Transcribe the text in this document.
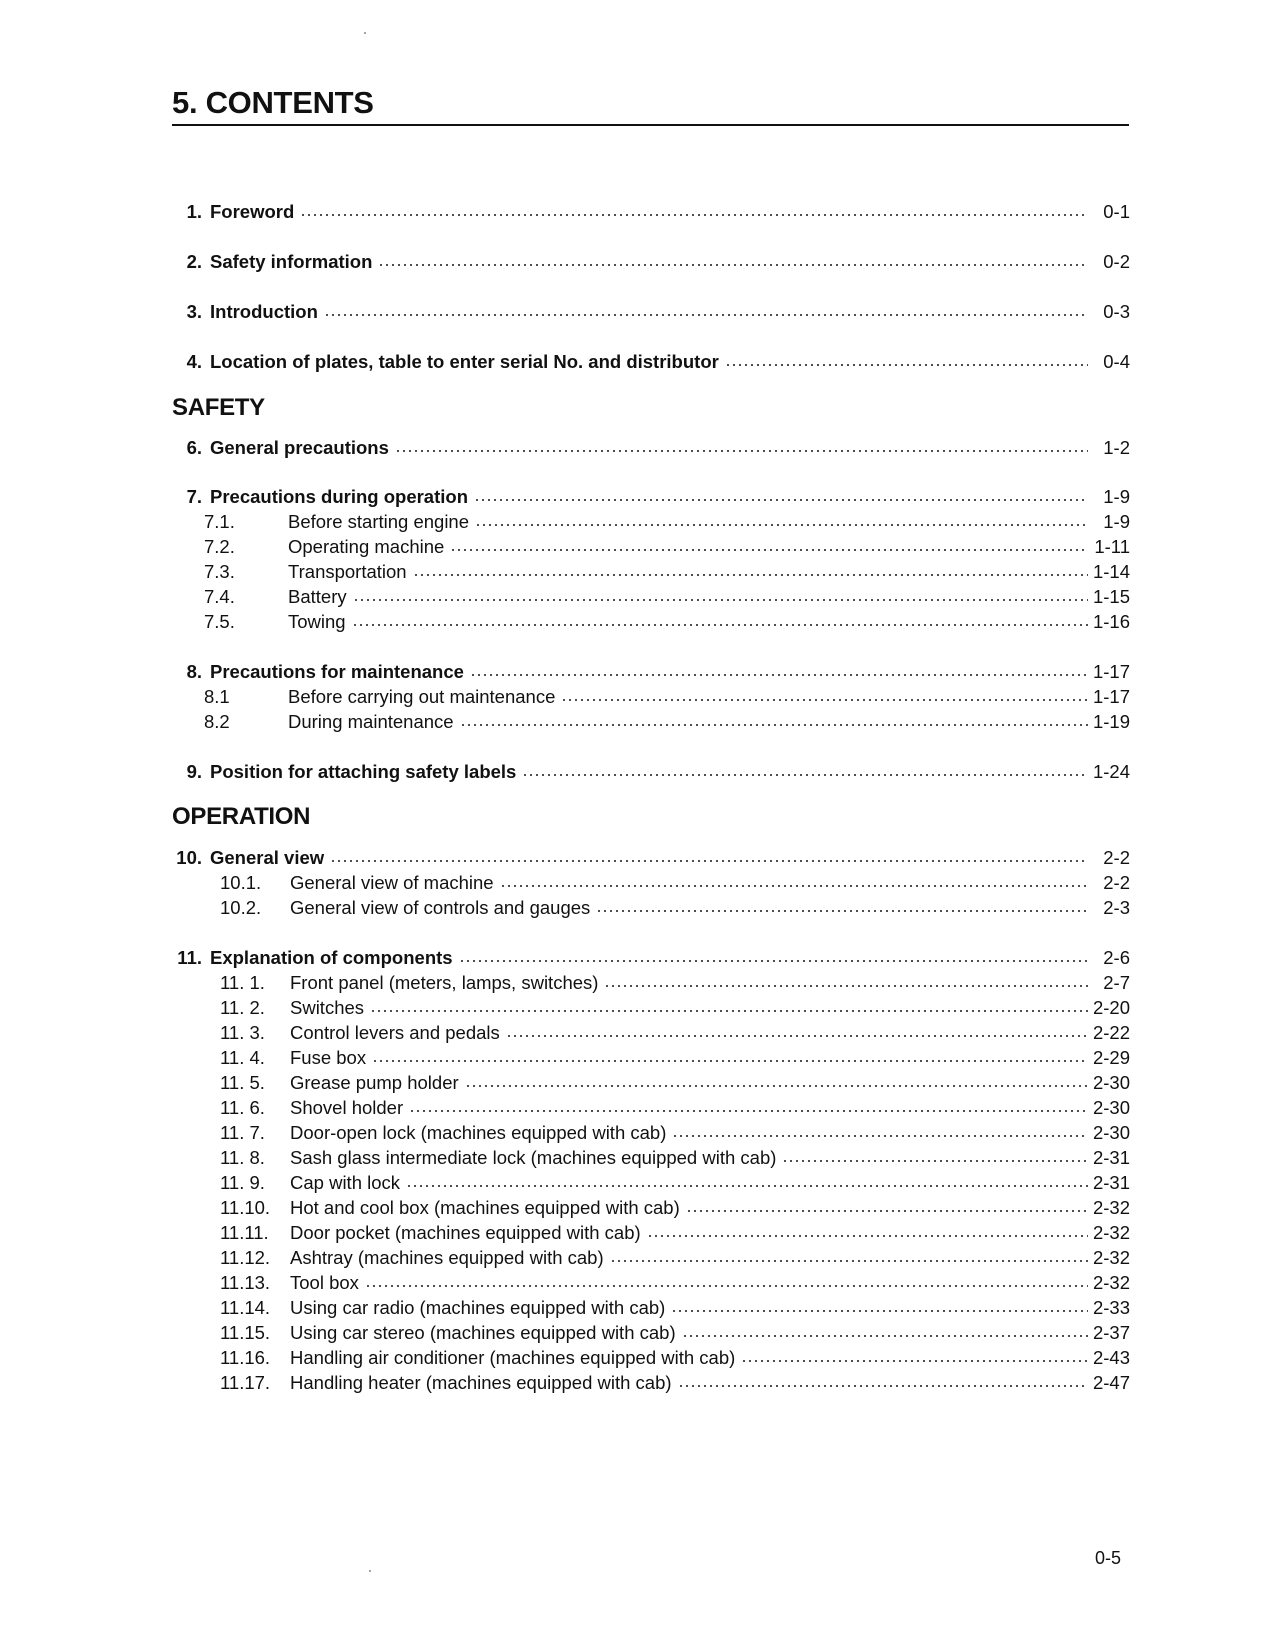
5. CONTENTS
SAFETY
OPERATION
1. Foreword	0-1
2. Safety information	0-2
3. Introduction	0-3
4. Location of plates, table to enter serial No. and distributor	0-4
6. General precautions	1-2
7. Precautions during operation	1-9
7.1.	Before starting engine	1-9
7.2.	Operating machine	1-11
7.3.	Transportation	1-14
7.4.	Battery	1-15
7.5.	Towing	1-16
8. Precautions for maintenance	1-17
8.1	Before carrying out maintenance	1-17
8.2	During maintenance	1-19
9. Position for attaching safety labels	1-24
10. General view	2-2
10.1.	General view of machine	2-2
10.2.	General view of controls and gauges	2-3
11. Explanation of components	2-6
11. 1.	Front panel (meters, lamps, switches)	2-7
11. 2.	Switches	2-20
11. 3.	Control levers and pedals	2-22
11. 4.	Fuse box	2-29
11. 5.	Grease pump holder	2-30
11. 6.	Shovel holder	2-30
11. 7.	Door-open lock (machines equipped with cab)	2-30
11. 8.	Sash glass intermediate lock (machines equipped with cab)	2-31
11. 9.	Cap with lock	2-31
11.10.	Hot and cool box (machines equipped with cab)	2-32
11.11.	Door pocket (machines equipped with cab)	2-32
11.12.	Ashtray (machines equipped with cab)	2-32
11.13.	Tool box	2-32
11.14.	Using car radio (machines equipped with cab)	2-33
11.15.	Using car stereo (machines equipped with cab)	2-37
11.16.	Handling air conditioner (machines equipped with cab)	2-43
11.17.	Handling heater (machines equipped with cab)	2-47
0-5
